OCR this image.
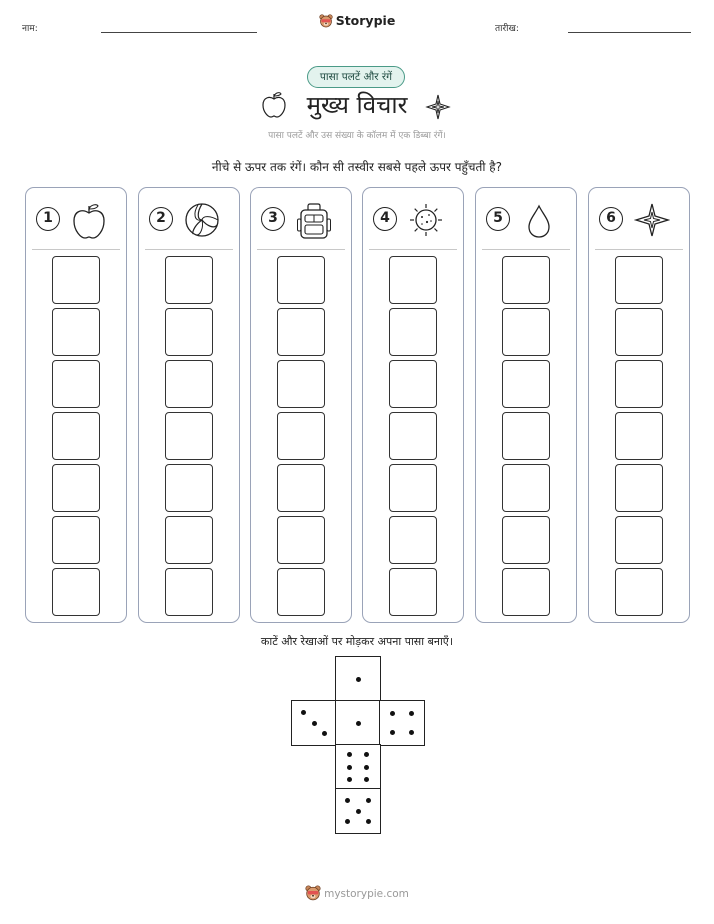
नाम:
Storypie
तारीख:
पासा पलटें और रंगें
मुख्य विचार
पासा पलटें और उस संख्या के कॉलम में एक डिब्बा रंगें।
नीचे से ऊपर तक रंगें। कौन सी तस्वीर सबसे पहले ऊपर पहुँचती है?
1	2	3	4	5	6
काटें और रेखाओं पर मोड़कर अपना पासा बनाएँ।
mystorypie.com
